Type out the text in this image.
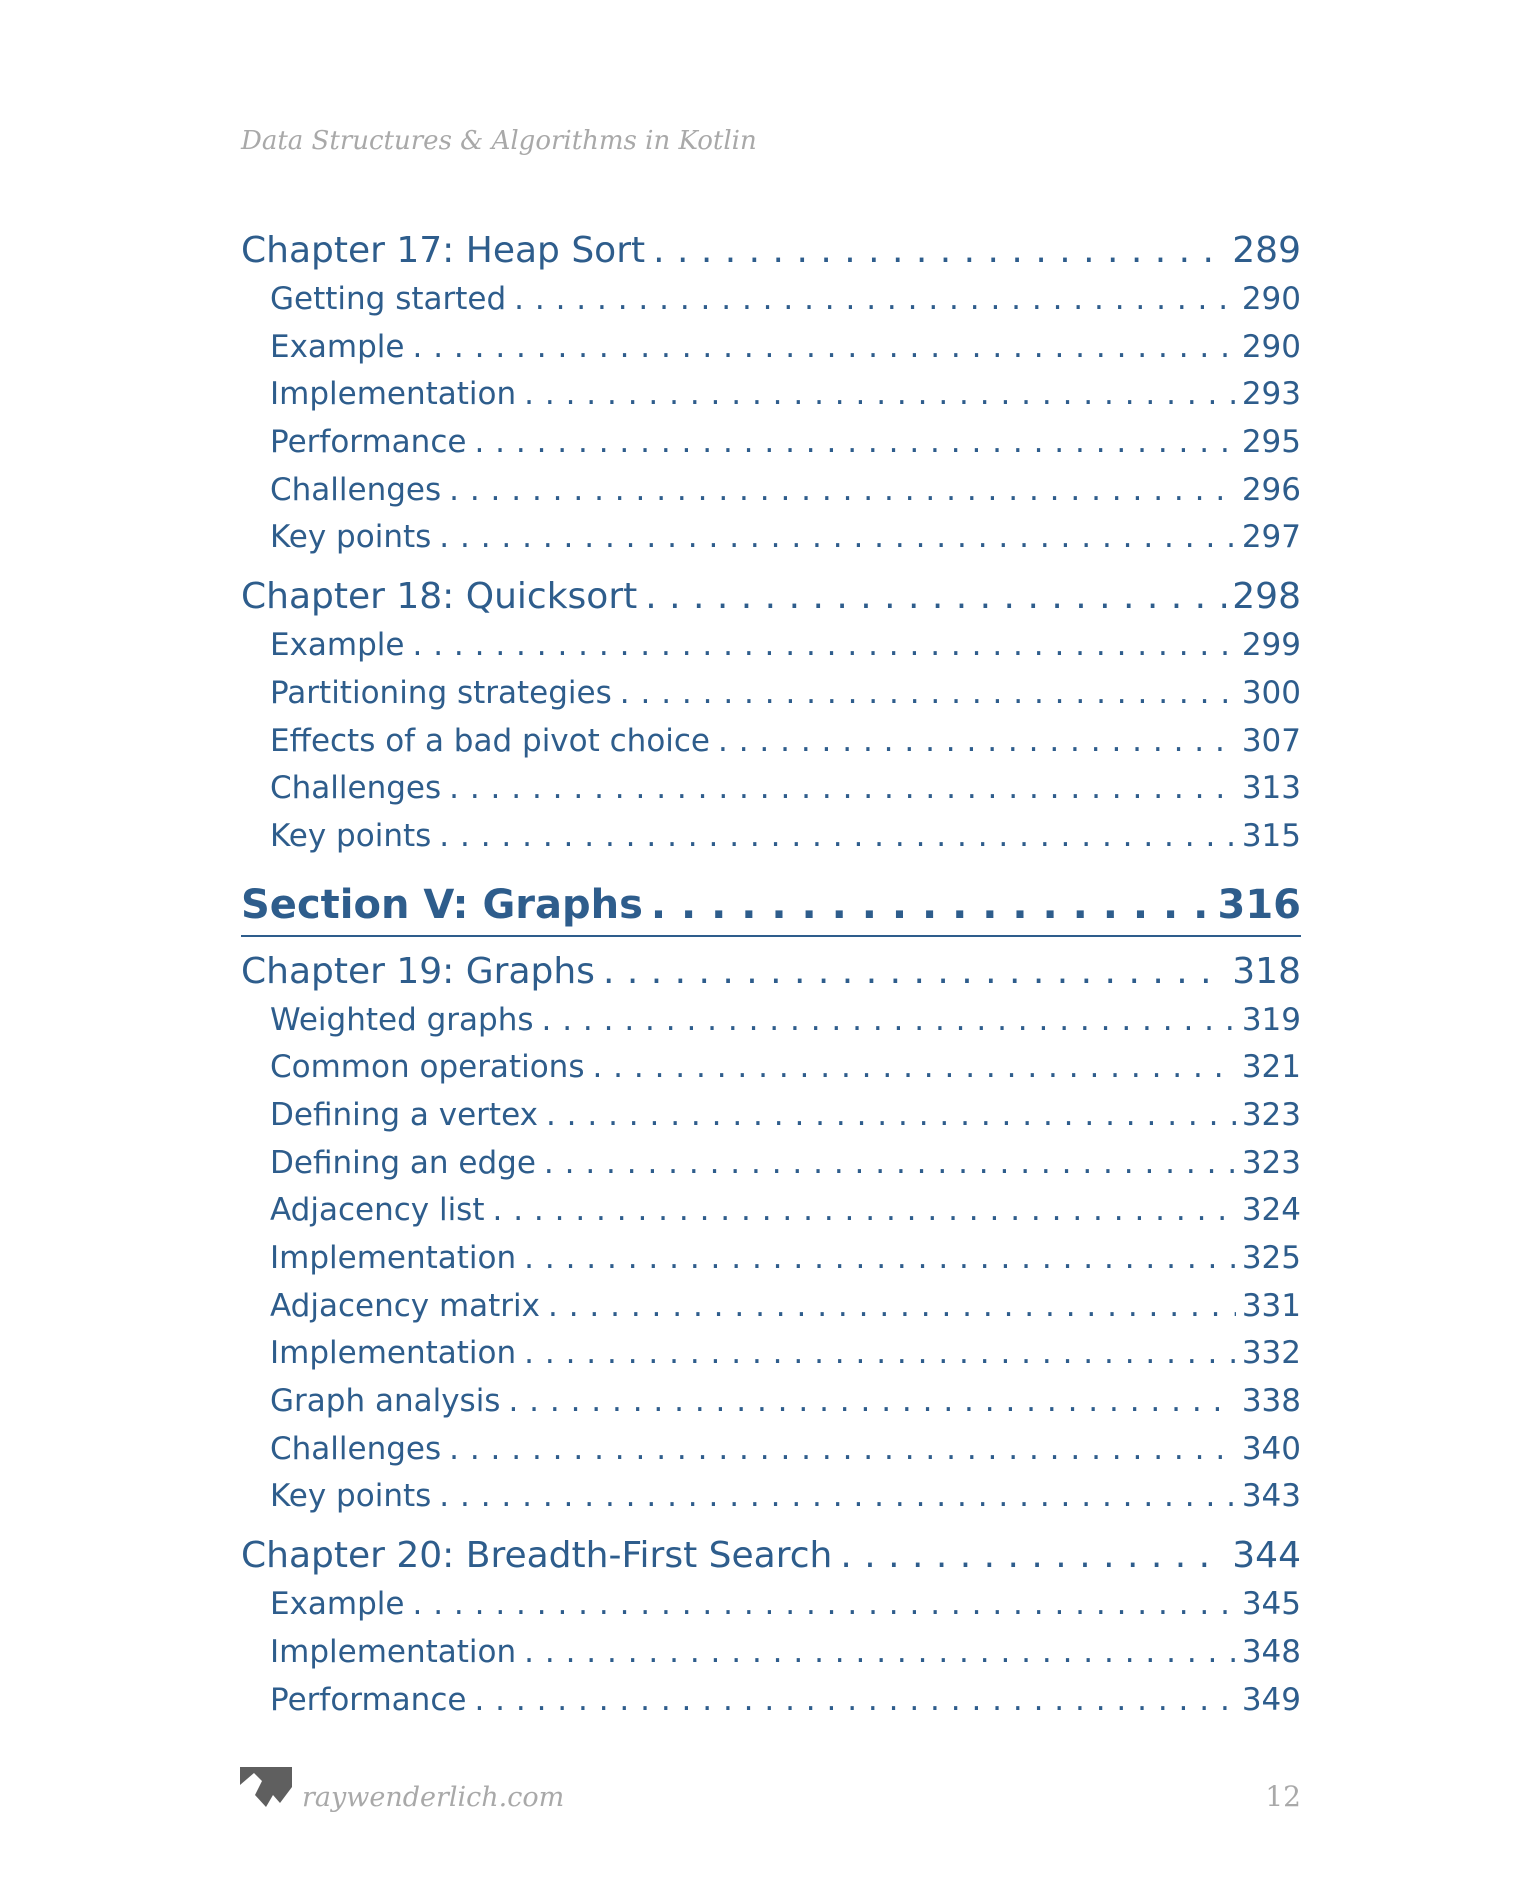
Data Structures & Algorithms in Kotlin
Chapter 17: Heap Sort . . .	289
Getting started . . .	290
Example . . .	290
Implementation . . .	293
Performance . . .	295
Challenges . . .	296
Key points . . .	297
Chapter 18: Quicksort . . .	298
Example . . .	299
Partitioning strategies . . .	300
Effects of a bad pivot choice . . .	307
Challenges . . .	313
Key points . . .	315
Section V: Graphs . . .	316
Chapter 19: Graphs . . .	318
Weighted graphs . . .	319
Common operations . . .	321
Defining a vertex . . .	323
Defining an edge . . .	323
Adjacency list . . .	324
Implementation . . .	325
Adjacency matrix . . .	331
Implementation . . .	332
Graph analysis . . .	338
Challenges . . .	340
Key points . . .	343
Chapter 20: Breadth-First Search . . .	344
Example . . .	345
Implementation . . .	348
Performance . . .	349
raywenderlich.com	12
